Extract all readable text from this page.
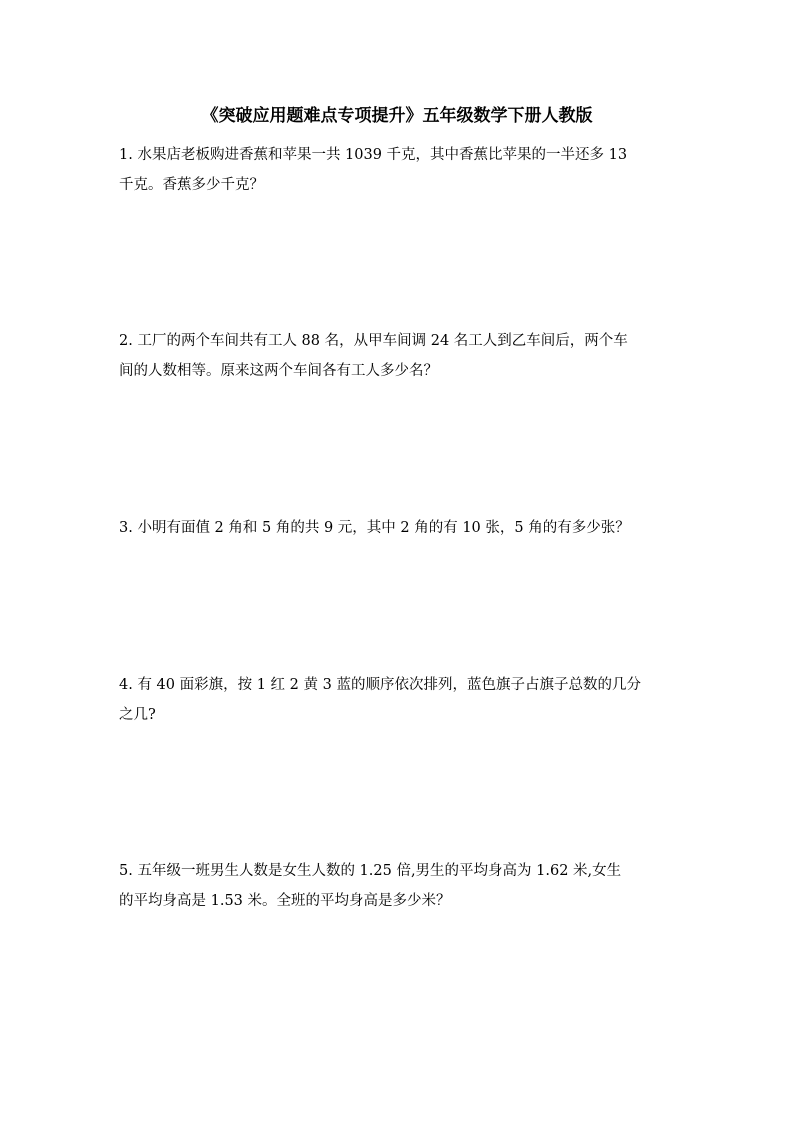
《突破应用题难点专项提升》五年级数学下册人教版
1. 水果店老板购进香蕉和苹果一共 1039 千克，其中香蕉比苹果的一半还多 13
千克。香蕉多少千克？
2. 工厂的两个车间共有工人 88 名，从甲车间调 24 名工人到乙车间后，两个车
间的人数相等。原来这两个车间各有工人多少名？
3. 小明有面值 2 角和 5 角的共 9 元，其中 2 角的有 10 张，5 角的有多少张？
4. 有 40 面彩旗，按 1 红 2 黄 3 蓝的顺序依次排列，蓝色旗子占旗子总数的几分
之几?
5. 五年级一班男生人数是女生人数的 1.25 倍,男生的平均身高为 1.62 米,女生
的平均身高是 1.53 米。全班的平均身高是多少米？
